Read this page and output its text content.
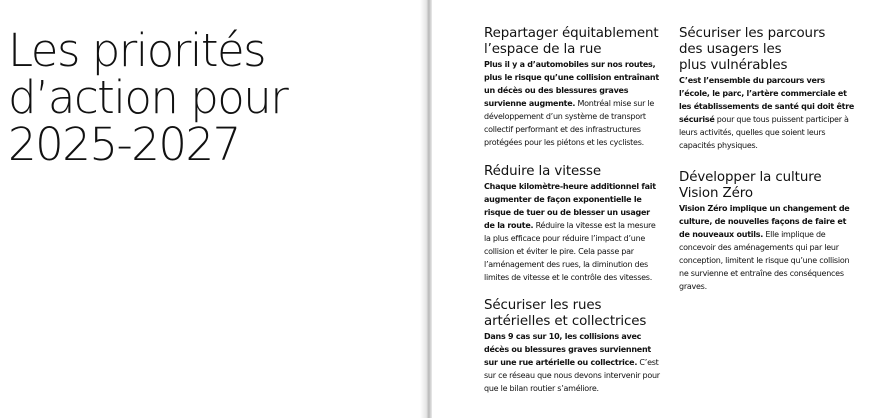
Les priorités
d’action pour
2025-2027
Repartager équitablement
l’espace de la rue

Plus il y a d’automobiles sur nos routes, plus le risque qu’une collision entraînant un décès ou des blessures graves survienne augmente. Montréal mise sur le développement d’un système de transport collectif performant et des infrastructures protégées pour les piétons et les cyclistes.

Réduire la vitesse

Chaque kilomètre-heure additionnel fait augmenter de façon exponentielle le risque de tuer ou de blesser un usager de la route. Réduire la vitesse est la mesure la plus efficace pour réduire l’impact d’une collision et éviter le pire. Cela passe par l’aménagement des rues, la diminution des limites de vitesse et le contrôle des vitesses.

Sécuriser les rues
artérielles et collectrices

Dans 9 cas sur 10, les collisions avec décès ou blessures graves surviennent sur une rue artérielle ou collectrice. C’est sur ce réseau que nous devons intervenir pour que le bilan routier s’améliore.

Sécuriser les parcours
des usagers les
plus vulnérables

C’est l’ensemble du parcours vers l’école, le parc, l’artère commerciale et les établissements de santé qui doit être sécurisé pour que tous puissent participer à leurs activités, quelles que soient leurs capacités physiques.

Développer la culture
Vision Zéro

Vision Zéro implique un changement de culture, de nouvelles façons de faire et de nouveaux outils. Elle implique de concevoir des aménagements qui par leur conception, limitent le risque qu’une collision ne survienne et entraîne des conséquences graves.
